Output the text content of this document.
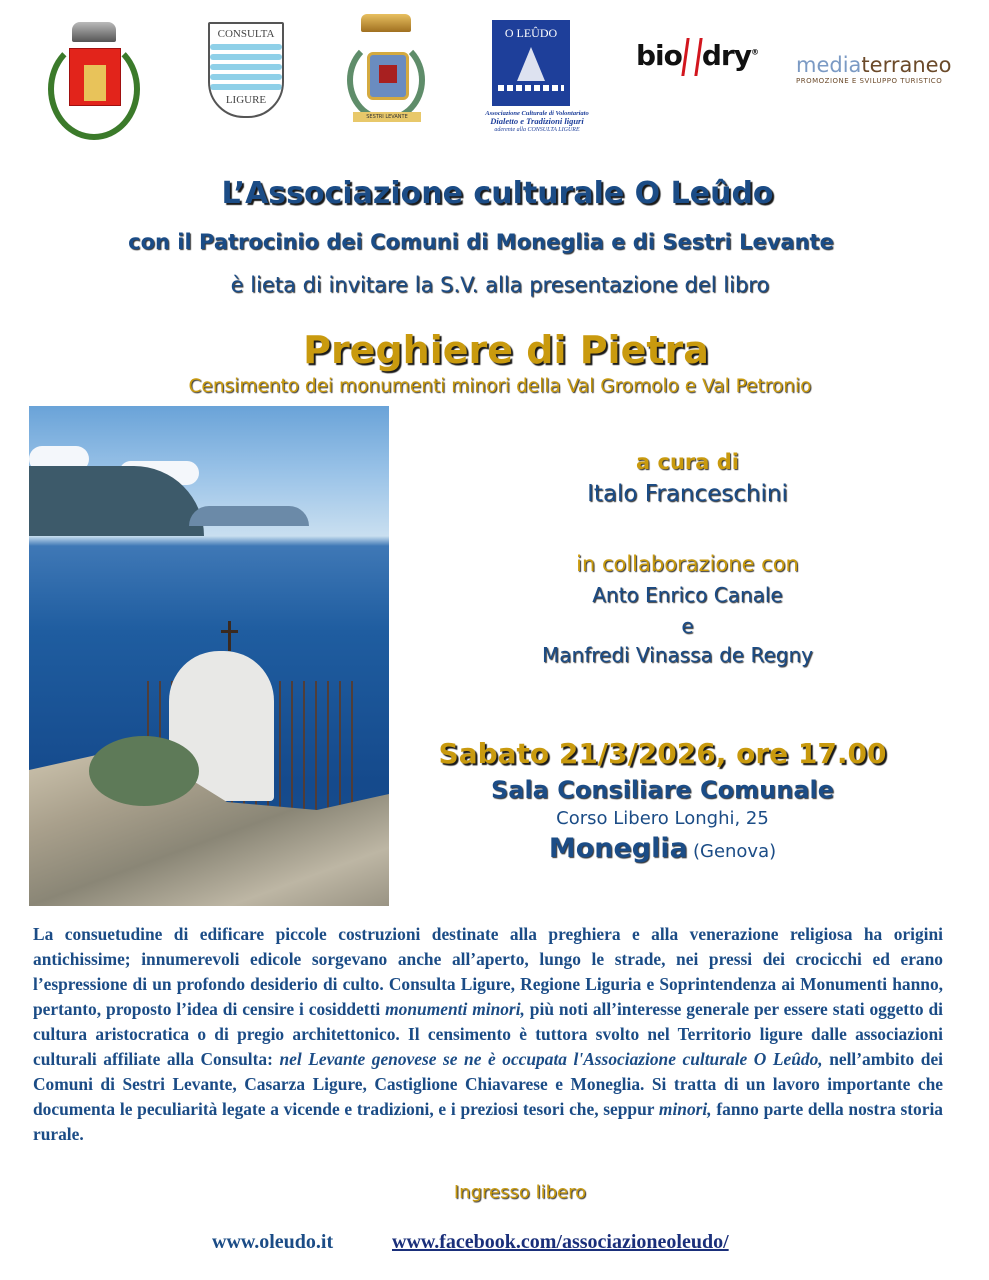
CONSULTA
LIGURE
SESTRI LEVANTE
O LEÛDO
Associazione Culturale di Volontariato
Dialetto e Tradizioni liguri
aderente alla CONSULTA LIGURE
bio dry®
mediaterraneo
PROMOZIONE E SVILUPPO TURISTICO
L’Associazione culturale O Leûdo
con il Patrocinio dei Comuni di Moneglia e di Sestri Levante
è lieta di invitare la S.V. alla presentazione del libro
Preghiere di Pietra
Censimento dei monumenti minori della Val Gromolo e Val Petronio
a cura di
Italo Franceschini
in collaborazione con
Anto Enrico Canale
e
Manfredi Vinassa de Regny
Sabato 21/3/2026, ore 17.00
Sala Consiliare Comunale
Corso Libero Longhi, 25
Moneglia (Genova)
La consuetudine di edificare piccole costruzioni destinate alla preghiera e alla venerazione religiosa ha origini antichissime; innumerevoli edicole sorgevano anche all’aperto, lungo le strade, nei pressi dei crocicchi ed erano l’espressione di un profondo desiderio di culto. Consulta Ligure, Regione Liguria e Soprintendenza ai Monumenti hanno, pertanto, proposto l’idea di censire i cosiddetti monumenti minori, più noti all’interesse generale per essere stati oggetto di cultura aristocratica o di pregio architettonico. Il censimento è tuttora svolto nel Territorio ligure dalle associazioni culturali affiliate alla Consulta: nel Levante genovese se ne è occupata l'Associazione culturale O Leûdo, nell’ambito dei Comuni di Sestri Levante, Casarza Ligure, Castiglione Chiavarese e Moneglia. Si tratta di un lavoro importante che documenta le peculiarità legate a vicende e tradizioni, e i preziosi tesori che, seppur minori, fanno parte della nostra storia rurale.
Ingresso libero
www.oleudo.it	www.facebook.com/associazioneoleudo/
